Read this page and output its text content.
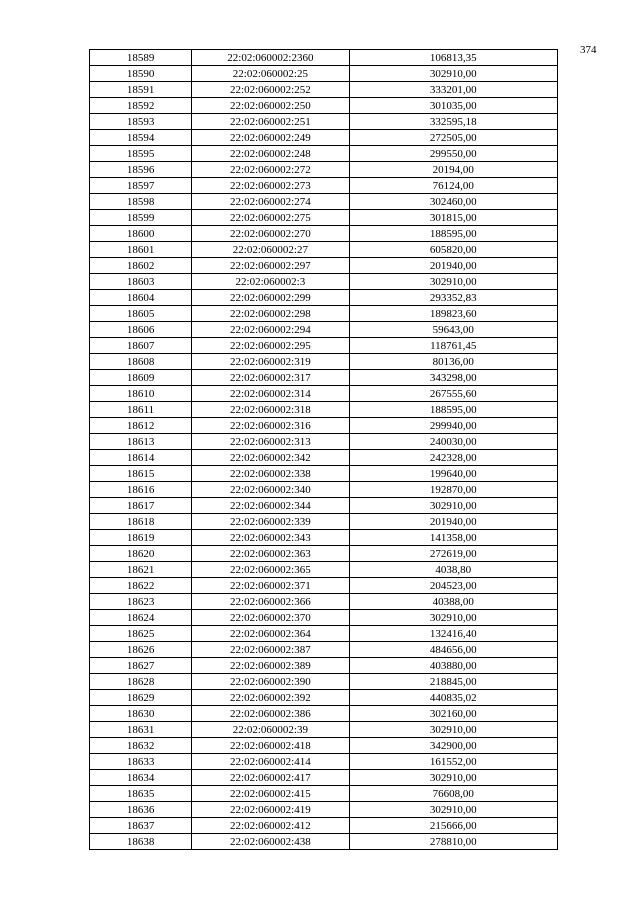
374
18589	22:02:060002:2360	106813,35
18590	22:02:060002:25	302910,00
18591	22:02:060002:252	333201,00
18592	22:02:060002:250	301035,00
18593	22:02:060002:251	332595,18
18594	22:02:060002:249	272505,00
18595	22:02:060002:248	299550,00
18596	22:02:060002:272	20194,00
18597	22:02:060002:273	76124,00
18598	22:02:060002:274	302460,00
18599	22:02:060002:275	301815,00
18600	22:02:060002:270	188595,00
18601	22:02:060002:27	605820,00
18602	22:02:060002:297	201940,00
18603	22:02:060002:3	302910,00
18604	22:02:060002:299	293352,83
18605	22:02:060002:298	189823,60
18606	22:02:060002:294	59643,00
18607	22:02:060002:295	118761,45
18608	22:02:060002:319	80136,00
18609	22:02:060002:317	343298,00
18610	22:02:060002:314	267555,60
18611	22:02:060002:318	188595,00
18612	22:02:060002:316	299940,00
18613	22:02:060002:313	240030,00
18614	22:02:060002:342	242328,00
18615	22:02:060002:338	199640,00
18616	22:02:060002:340	192870,00
18617	22:02:060002:344	302910,00
18618	22:02:060002:339	201940,00
18619	22:02:060002:343	141358,00
18620	22:02:060002:363	272619,00
18621	22:02:060002:365	4038,80
18622	22:02:060002:371	204523,00
18623	22:02:060002:366	40388,00
18624	22:02:060002:370	302910,00
18625	22:02:060002:364	132416,40
18626	22:02:060002:387	484656,00
18627	22:02:060002:389	403880,00
18628	22:02:060002:390	218845,00
18629	22:02:060002:392	440835,02
18630	22:02:060002:386	302160,00
18631	22:02:060002:39	302910,00
18632	22:02:060002:418	342900,00
18633	22:02:060002:414	161552,00
18634	22:02:060002:417	302910,00
18635	22:02:060002:415	76608,00
18636	22:02:060002:419	302910,00
18637	22:02:060002:412	215666,00
18638	22:02:060002:438	278810,00
